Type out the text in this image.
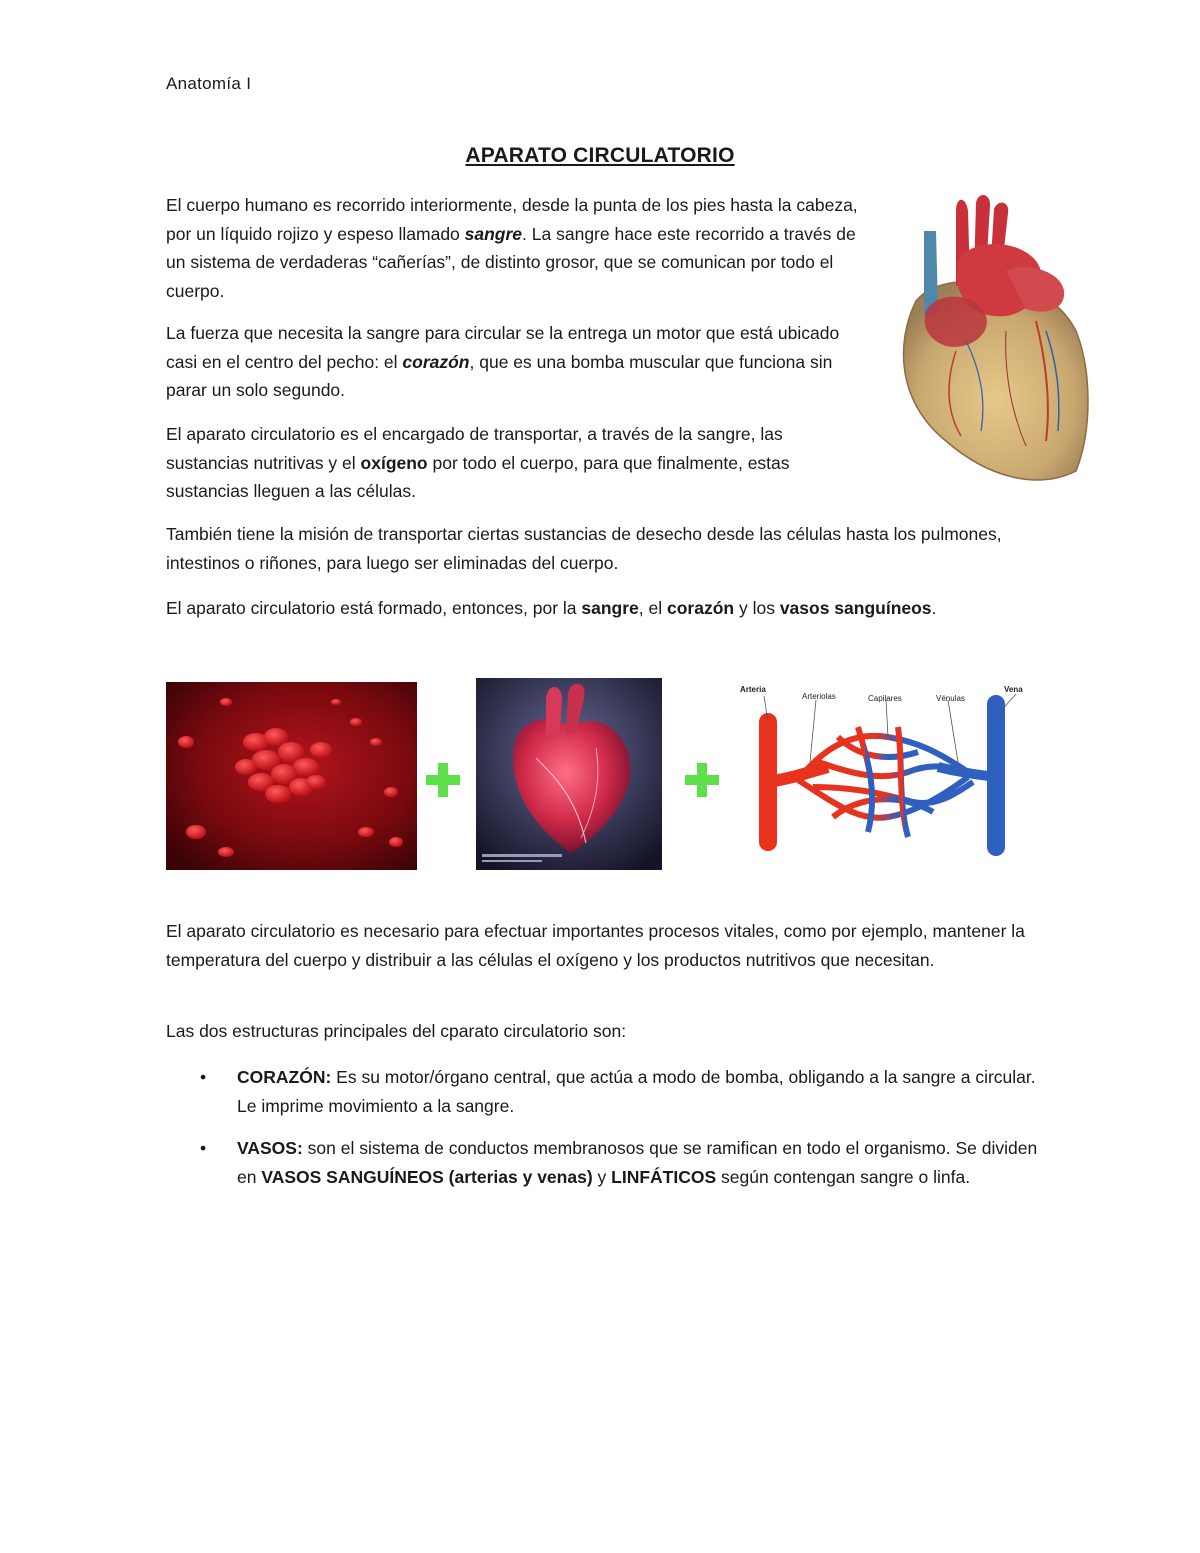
Anatomía I
APARATO CIRCULATORIO

El cuerpo humano es recorrido interiormente, desde la punta de los pies hasta la cabeza, por un líquido rojizo y espeso llamado sangre. La sangre hace este recorrido a través de un sistema de verdaderas “cañerías”, de distinto grosor, que se comunican por todo el cuerpo.

La fuerza que necesita la sangre para circular se la entrega un motor que está ubicado casi en el centro del pecho: el corazón, que es una bomba muscular que funciona sin parar un solo segundo.

El aparato circulatorio es el encargado de transportar, a través de la sangre, las sustancias nutritivas y el oxígeno por todo el cuerpo, para que finalmente, estas sustancias lleguen a las células.

También tiene la misión de transportar ciertas sustancias de desecho desde las células hasta los pulmones, intestinos o riñones, para luego ser eliminadas del cuerpo.

El aparato circulatorio está formado, entonces, por la sangre, el corazón y los vasos sanguíneos.

Arteria
Arteriolas	Capilares	Vénulas
Vena

El aparato circulatorio es necesario para efectuar importantes procesos vitales, como por ejemplo, mantener la temperatura del cuerpo y distribuir a las células el oxígeno y los productos nutritivos que necesitan.

Las dos estructuras principales del cparato circulatorio son:

• CORAZÓN: Es su motor/órgano central, que actúa a modo de bomba, obligando a la sangre a circular. Le imprime movimiento a la sangre.
• VASOS: son el sistema de conductos membranosos que se ramifican en todo el organismo. Se dividen en VASOS SANGUÍNEOS (arterias y venas) y LINFÁTICOS según contengan sangre o linfa.
